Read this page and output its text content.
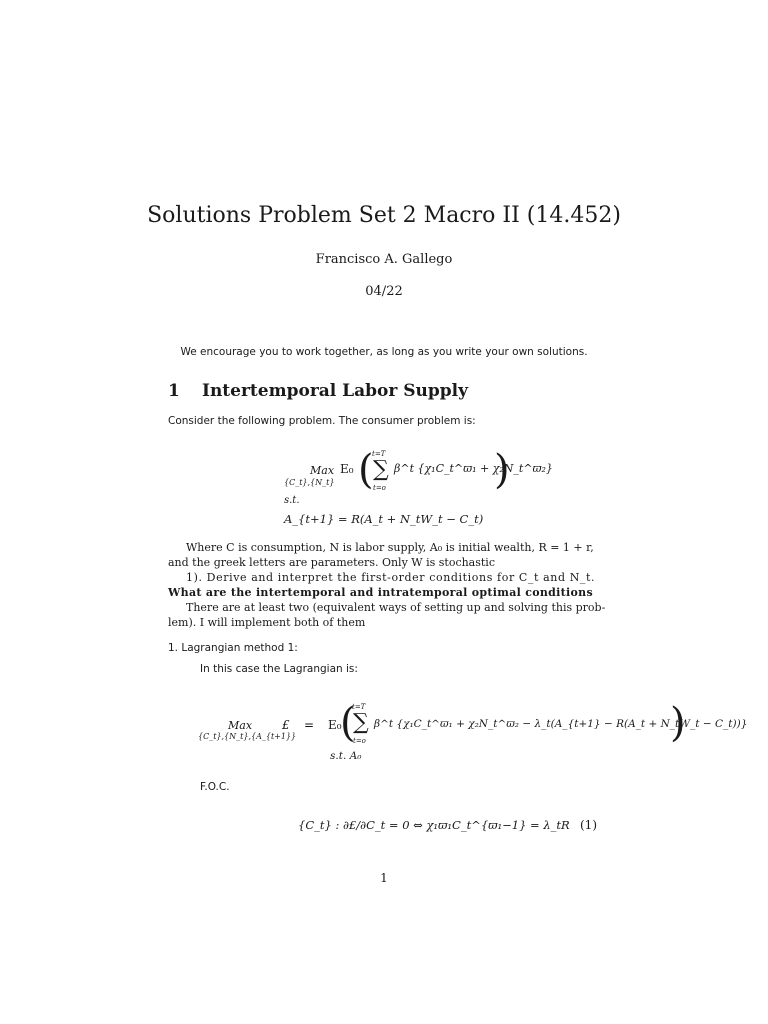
Solutions Problem Set 2 Macro II (14.452)
Francisco A. Gallego
04/22
We encourage you to work together, as long as you write your own solutions.
1 Intertemporal Labor Supply
Consider the following problem. The consumer problem is:
Max
{C_t},{N_t}
E₀ (
t=T
∑
t=o
β^t {χ₁C_t^ϖ₁ + χ₂N_t^ϖ₂}
)
s.t.
A_{t+1} = R(A_t + N_tW_t − C_t)
Where C is consumption, N is labor supply, A₀ is initial wealth, R = 1 + r,
and the greek letters are parameters. Only W is stochastic
1). Derive and interpret the first-order conditions for C_t and N_t.
What are the intertemporal and intratemporal optimal conditions
There are at least two (equivalent ways of setting up and solving this prob-
lem). I will implement both of them
1. Lagrangian method 1:
In this case the Lagrangian is:
Max
{C_t},{N_t},{A_{t+1}}
£ = E₀
(
t=T
∑
t=o
β^t {χ₁C_t^ϖ₁ + χ₂N_t^ϖ₂ − λ_t(A_{t+1} − R(A_t + N_tW_t − C_t))}
)
s.t. A₀
F.O.C.
{C_t} : ∂£/∂C_t = 0 ⇔ χ₁ϖ₁C_t^{ϖ₁−1} = λ_tR (1)
1
